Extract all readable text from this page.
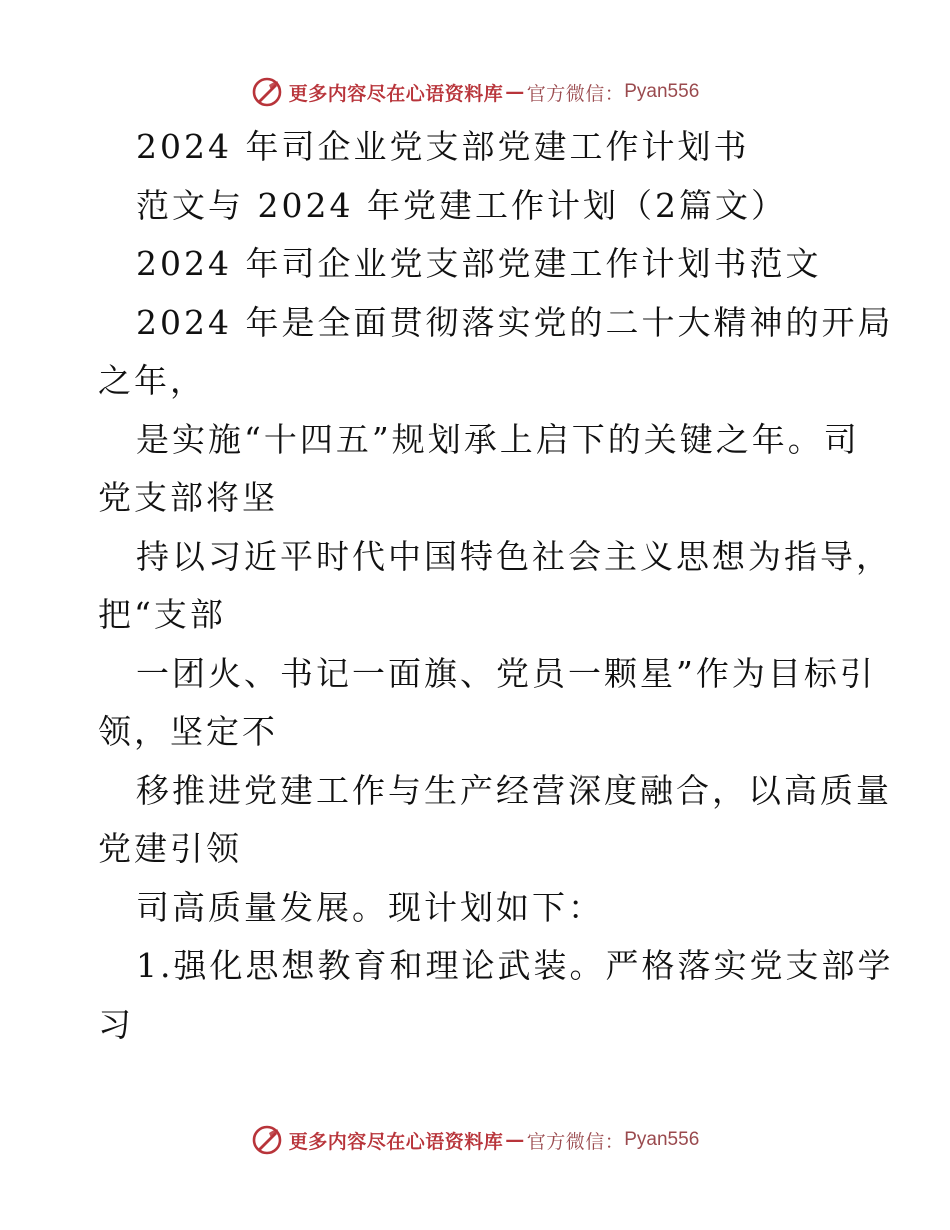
更多内容尽在心语资料库 — 官方微信： Pyan556
2024 年司企业党支部党建工作计划书
范文与 2024 年党建工作计划（2篇文）
2024 年司企业党支部党建工作计划书范文
2024 年是全面贯彻落实党的二十大精神的开局
之年，
是实施“十四五”规划承上启下的关键之年。司
党支部将坚
持以习近平时代中国特色社会主义思想为指导，
把“支部
一团火、书记一面旗、党员一颗星”作为目标引
领，坚定不
移推进党建工作与生产经营深度融合，以高质量
党建引领
司高质量发展。现计划如下：
1.强化思想教育和理论武装。严格落实党支部学
习
更多内容尽在心语资料库 — 官方微信： Pyan556
